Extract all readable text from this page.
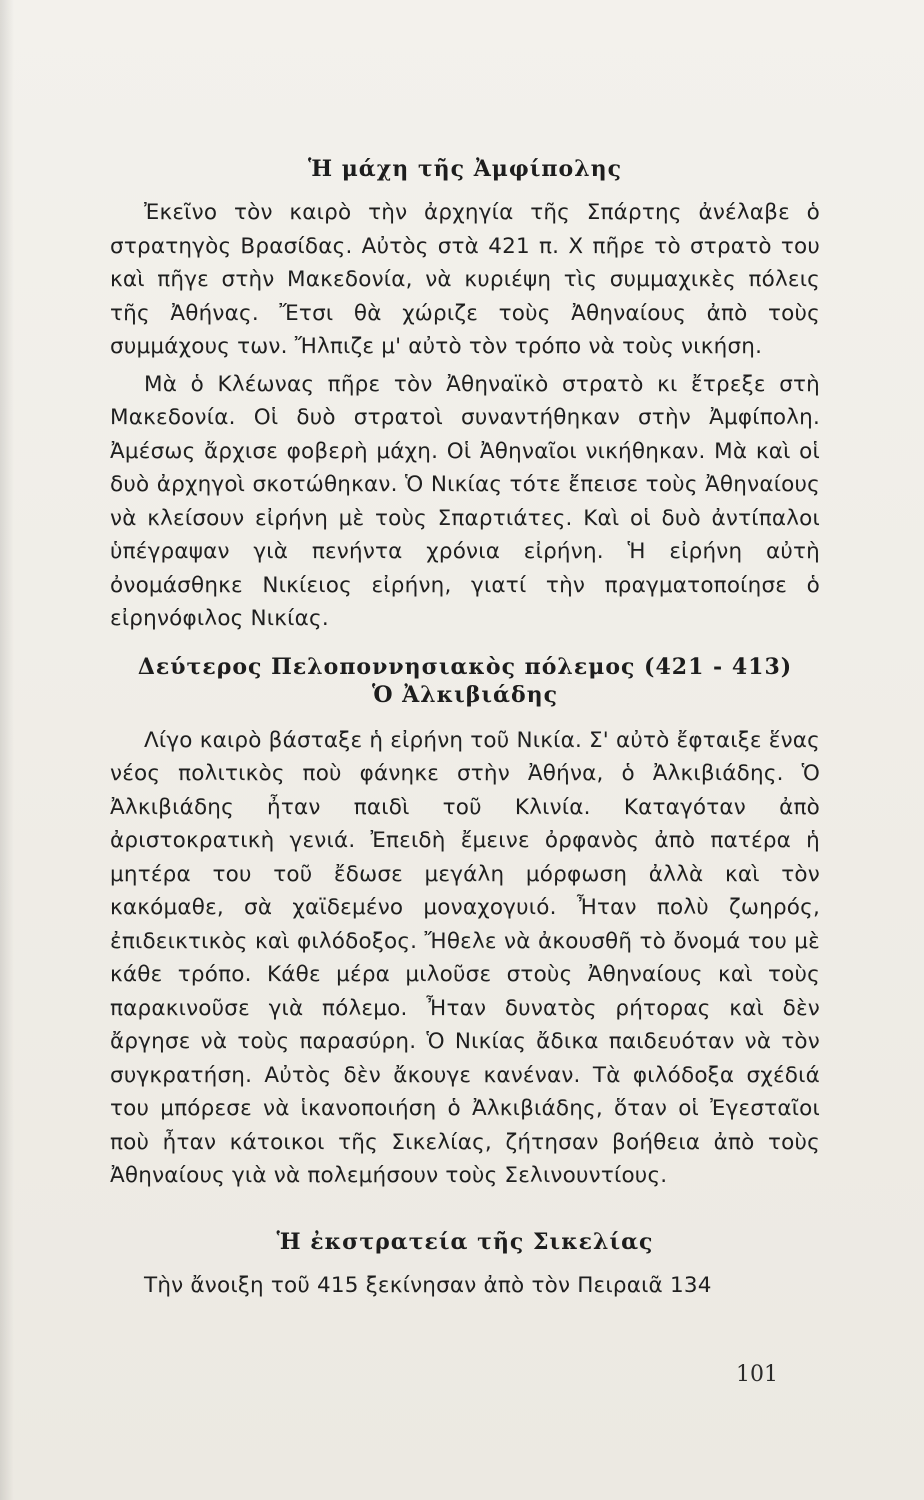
Ἡ μάχη τῆς Ἀμφίπολης

Ἐκεῖνο τὸν καιρὸ τὴν ἀρχηγία τῆς Σπάρτης ἀνέλαβε ὁ στρατηγὸς Βρασίδας. Αὐτὸς στὰ 421 π. Χ πῆρε τὸ στρατὸ του καὶ πῆγε στὴν Μακεδονία, νὰ κυριέψη τὶς συμμαχικὲς πόλεις τῆς Ἀθήνας. Ἔτσι θὰ χώριζε τοὺς Ἀθηναίους ἀπὸ τοὺς συμμάχους των. Ἤλπιζε μ' αὐτὸ τὸν τρόπο νὰ τοὺς νικήση.

Μὰ ὁ Κλέωνας πῆρε τὸν Ἀθηναϊκὸ στρατὸ κι ἔτρεξε στὴ Μακεδονία. Οἱ δυὸ στρατοὶ συναντήθηκαν στὴν Ἀμφίπολη. Ἀμέσως ἄρχισε φοβερὴ μάχη. Οἱ Ἀθηναῖοι νικήθηκαν. Μὰ καὶ οἱ δυὸ ἀρχηγοὶ σκοτώθηκαν. Ὁ Νικίας τότε ἔπεισε τοὺς Ἀθηναίους νὰ κλείσουν εἰρήνη μὲ τοὺς Σπαρτιάτες. Καὶ οἱ δυὸ ἀντίπαλοι ὑπέγραψαν γιὰ πενήντα χρόνια εἰρήνη. Ἡ εἰρήνη αὐτὴ ὀνομάσθηκε Νικίειος εἰρήνη, γιατί τὴν πραγματοποίησε ὁ εἰρηνόφιλος Νικίας.

Δεύτερος Πελοποννησιακὸς πόλεμος (421 - 413)
Ὁ Ἀλκιβιάδης

Λίγο καιρὸ βάσταξε ἡ εἰρήνη τοῦ Νικία. Σ' αὐτὸ ἔφταιξε ἕνας νέος πολιτικὸς ποὺ φάνηκε στὴν Ἀθήνα, ὁ Ἀλκιβιάδης. Ὁ Ἀλκιβιάδης ἦταν παιδὶ τοῦ Κλινία. Καταγόταν ἀπὸ ἀριστοκρατικὴ γενιά. Ἐπειδὴ ἔμεινε ὀρφανὸς ἀπὸ πατέρα ἡ μητέρα του τοῦ ἔδωσε μεγάλη μόρφωση ἀλλὰ καὶ τὸν κακόμαθε, σὰ χαϊδεμένο μοναχογυιό. Ἦταν πολὺ ζωηρός, ἐπιδεικτικὸς καὶ φιλόδοξος. Ἤθελε νὰ ἀκουσθῆ τὸ ὄνομά του μὲ κάθε τρόπο. Κάθε μέρα μιλοῦσε στοὺς Ἀθηναίους καὶ τοὺς παρακινοῦσε γιὰ πόλεμο. Ἦταν δυνατὸς ρήτορας καὶ δὲν ἄργησε νὰ τοὺς παρασύρη. Ὁ Νικίας ἄδικα παιδευόταν νὰ τὸν συγκρατήση. Αὐτὸς δὲν ἄκουγε κανέναν. Τὰ φιλόδοξα σχέδιά του μπόρεσε νὰ ἱκανοποιήση ὁ Ἀλκιβιάδης, ὅταν οἱ Ἐγεσταῖοι ποὺ ἦταν κάτοικοι τῆς Σικελίας, ζήτησαν βοήθεια ἀπὸ τοὺς Ἀθηναίους γιὰ νὰ πολεμήσουν τοὺς Σελινουντίους.

Ἡ ἐκστρατεία τῆς Σικελίας

Τὴν ἄνοιξη τοῦ 415 ξεκίνησαν ἀπὸ τὸν Πειραιᾶ 134

101
